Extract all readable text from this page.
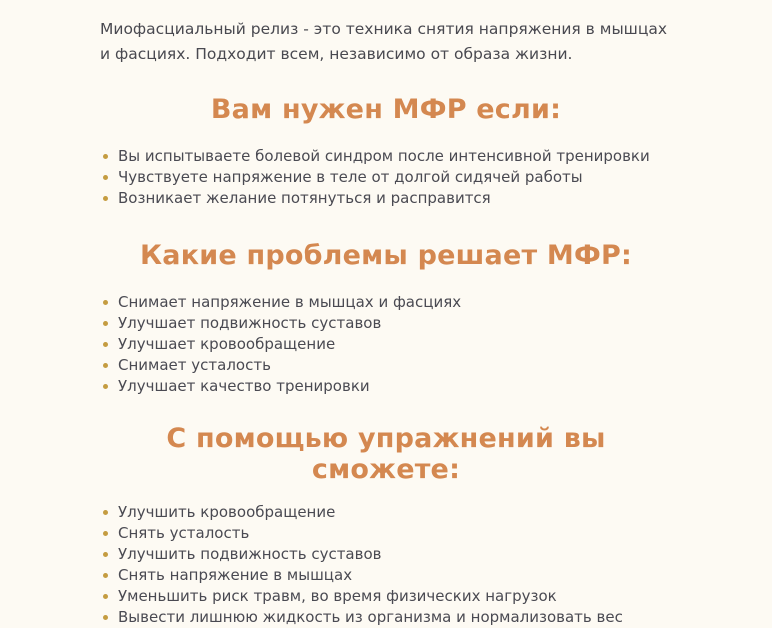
Миофасциальный релиз - это техника снятия напряжения в мышцах и фасциях. Подходит всем, независимо от образа жизни.

Вам нужен МФР если:
Вы испытываете болевой синдром после интенсивной тренировки
Чувствуете напряжение в теле от долгой сидячей работы
Возникает желание потянуться и расправится
Какие проблемы решает МФР:
Снимает напряжение в мышцах и фасциях
Улучшает подвижность суставов
Улучшает кровообращение
Снимает усталость
Улучшает качество тренировки
С помощью упражнений вы сможете:
Улучшить кровообращение
Снять усталость
Улучшить подвижность суставов
Снять напряжение в мышцах
Уменьшить риск травм, во время физических нагрузок
Вывести лишнюю жидкость из организма и нормализовать вес
